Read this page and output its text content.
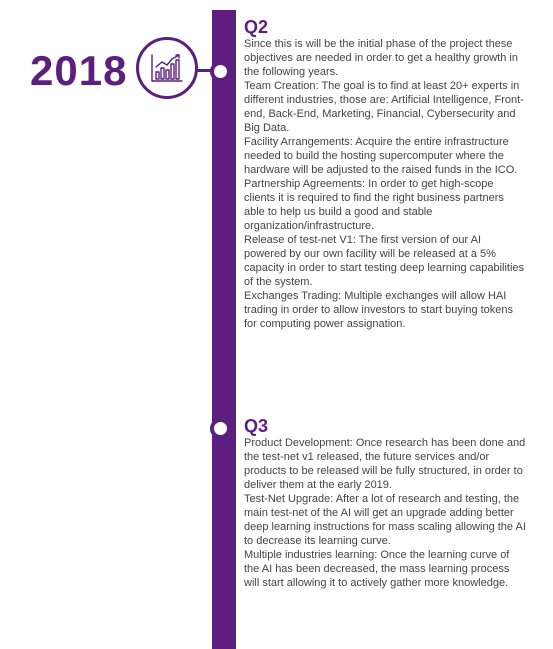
2018
Q2

Since this is will be the initial phase of the project these objectives are needed in order to get a healthy growth in the following years.

Team Creation: The goal is to find at least 20+ experts in different industries, those are: Artificial Intelligence, Front-end, Back-End, Marketing, Financial, Cybersecurity and Big Data.

Facility Arrangements: Acquire the entire infrastructure needed to build the hosting supercomputer where the hardware will be adjusted to the raised funds in the ICO.

Partnership Agreements: In order to get high-scope clients it is required to find the right business partners able to help us build a good and stable organization/infrastructure.

Release of test-net V1: The first version of our AI powered by our own facility will be released at a 5% capacity in order to start testing deep learning capabilities of the system.

Exchanges Trading: Multiple exchanges will allow HAI trading in order to allow investors to start buying tokens for computing power assignation.

Q3

Product Development: Once research has been done and the test-net v1 released, the future services and/or products to be released will be fully structured, in order to deliver them at the early 2019.

Test-Net Upgrade: After a lot of research and testing, the main test-net of the AI will get an upgrade adding better deep learning instructions for mass scaling allowing the AI to decrease its learning curve.

Multiple industries learning: Once the learning curve of the AI has been decreased, the mass learning process will start allowing it to actively gather more knowledge.
